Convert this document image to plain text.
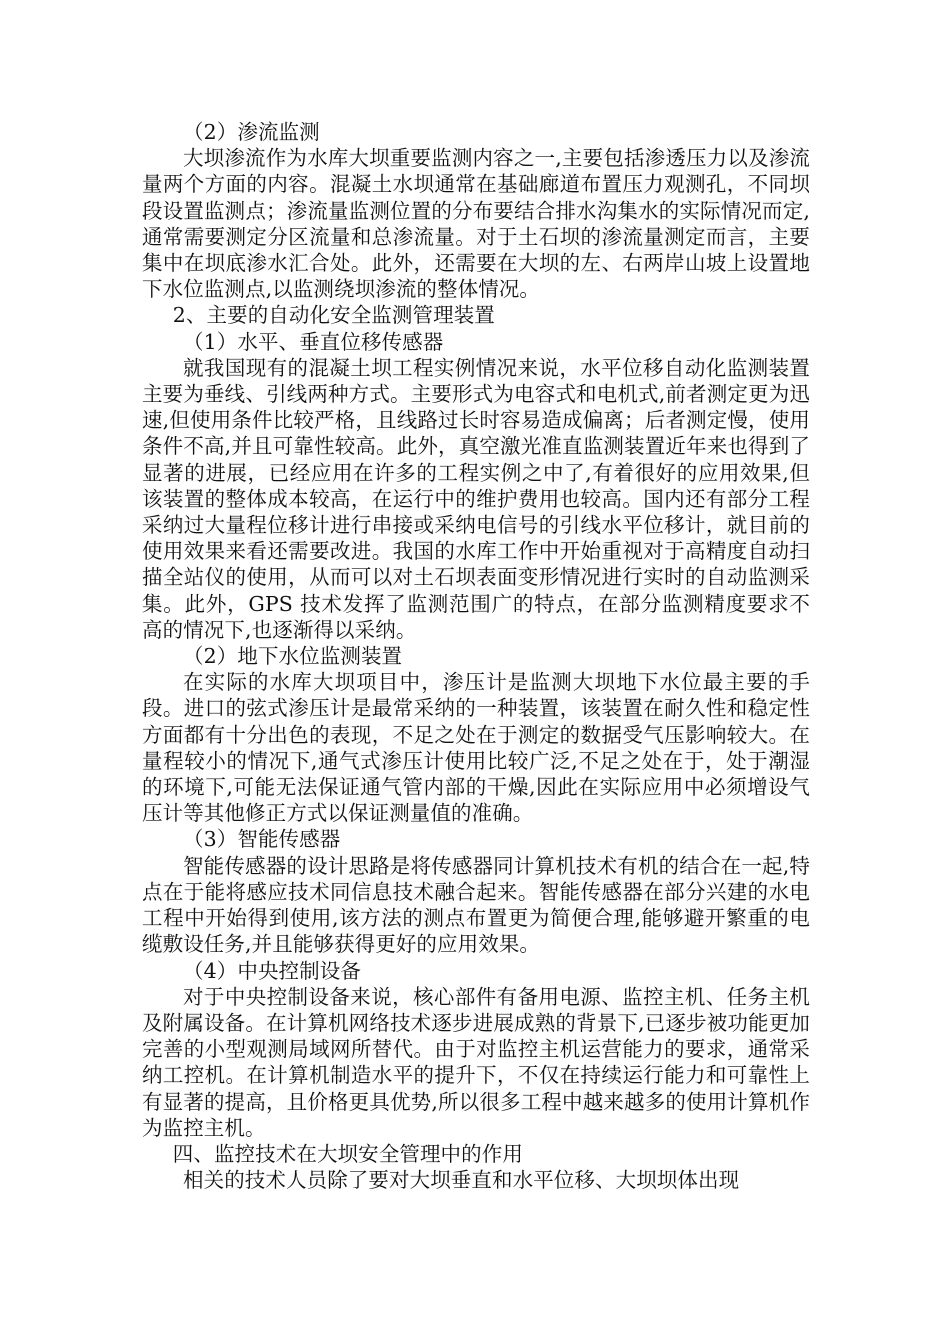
（2）渗流监测

大坝渗流作为水库大坝重要监测内容之一,主要包括渗透压力以及渗流量两个方面的内容。混凝土水坝通常在基础廊道布置压力观测孔，不同坝段设置监测点；渗流量监测位置的分布要结合排水沟集水的实际情况而定,通常需要测定分区流量和总渗流量。对于土石坝的渗流量测定而言，主要集中在坝底渗水汇合处。此外，还需要在大坝的左、右两岸山坡上设置地下水位监测点,以监测绕坝渗流的整体情况。

2、主要的自动化安全监测管理装置

（1）水平、垂直位移传感器

就我国现有的混凝土坝工程实例情况来说，水平位移自动化监测装置主要为垂线、引线两种方式。主要形式为电容式和电机式,前者测定更为迅速,但使用条件比较严格，且线路过长时容易造成偏离；后者测定慢，使用条件不高,并且可靠性较高。此外，真空激光准直监测装置近年来也得到了显著的进展，已经应用在许多的工程实例之中了,有着很好的应用效果,但该装置的整体成本较高，在运行中的维护费用也较高。国内还有部分工程采纳过大量程位移计进行串接或采纳电信号的引线水平位移计，就目前的使用效果来看还需要改进。我国的水库工作中开始重视对于高精度自动扫描全站仪的使用，从而可以对土石坝表面变形情况进行实时的自动监测采集。此外，GPS 技术发挥了监测范围广的特点，在部分监测精度要求不高的情况下,也逐渐得以采纳。

（2）地下水位监测装置

在实际的水库大坝项目中，渗压计是监测大坝地下水位最主要的手段。进口的弦式渗压计是最常采纳的一种装置，该装置在耐久性和稳定性方面都有十分出色的表现，不足之处在于测定的数据受气压影响较大。在量程较小的情况下,通气式渗压计使用比较广泛,不足之处在于，处于潮湿的环境下,可能无法保证通气管内部的干燥,因此在实际应用中必须增设气压计等其他修正方式以保证测量值的准确。

（3）智能传感器

智能传感器的设计思路是将传感器同计算机技术有机的结合在一起,特点在于能将感应技术同信息技术融合起来。智能传感器在部分兴建的水电工程中开始得到使用,该方法的测点布置更为简便合理,能够避开繁重的电缆敷设任务,并且能够获得更好的应用效果。

（4）中央控制设备

对于中央控制设备来说，核心部件有备用电源、监控主机、任务主机及附属设备。在计算机网络技术逐步进展成熟的背景下,已逐步被功能更加完善的小型观测局域网所替代。由于对监控主机运营能力的要求，通常采纳工控机。在计算机制造水平的提升下，不仅在持续运行能力和可靠性上有显著的提高，且价格更具优势,所以很多工程中越来越多的使用计算机作为监控主机。

四、监控技术在大坝安全管理中的作用

相关的技术人员除了要对大坝垂直和水平位移、大坝坝体出现
